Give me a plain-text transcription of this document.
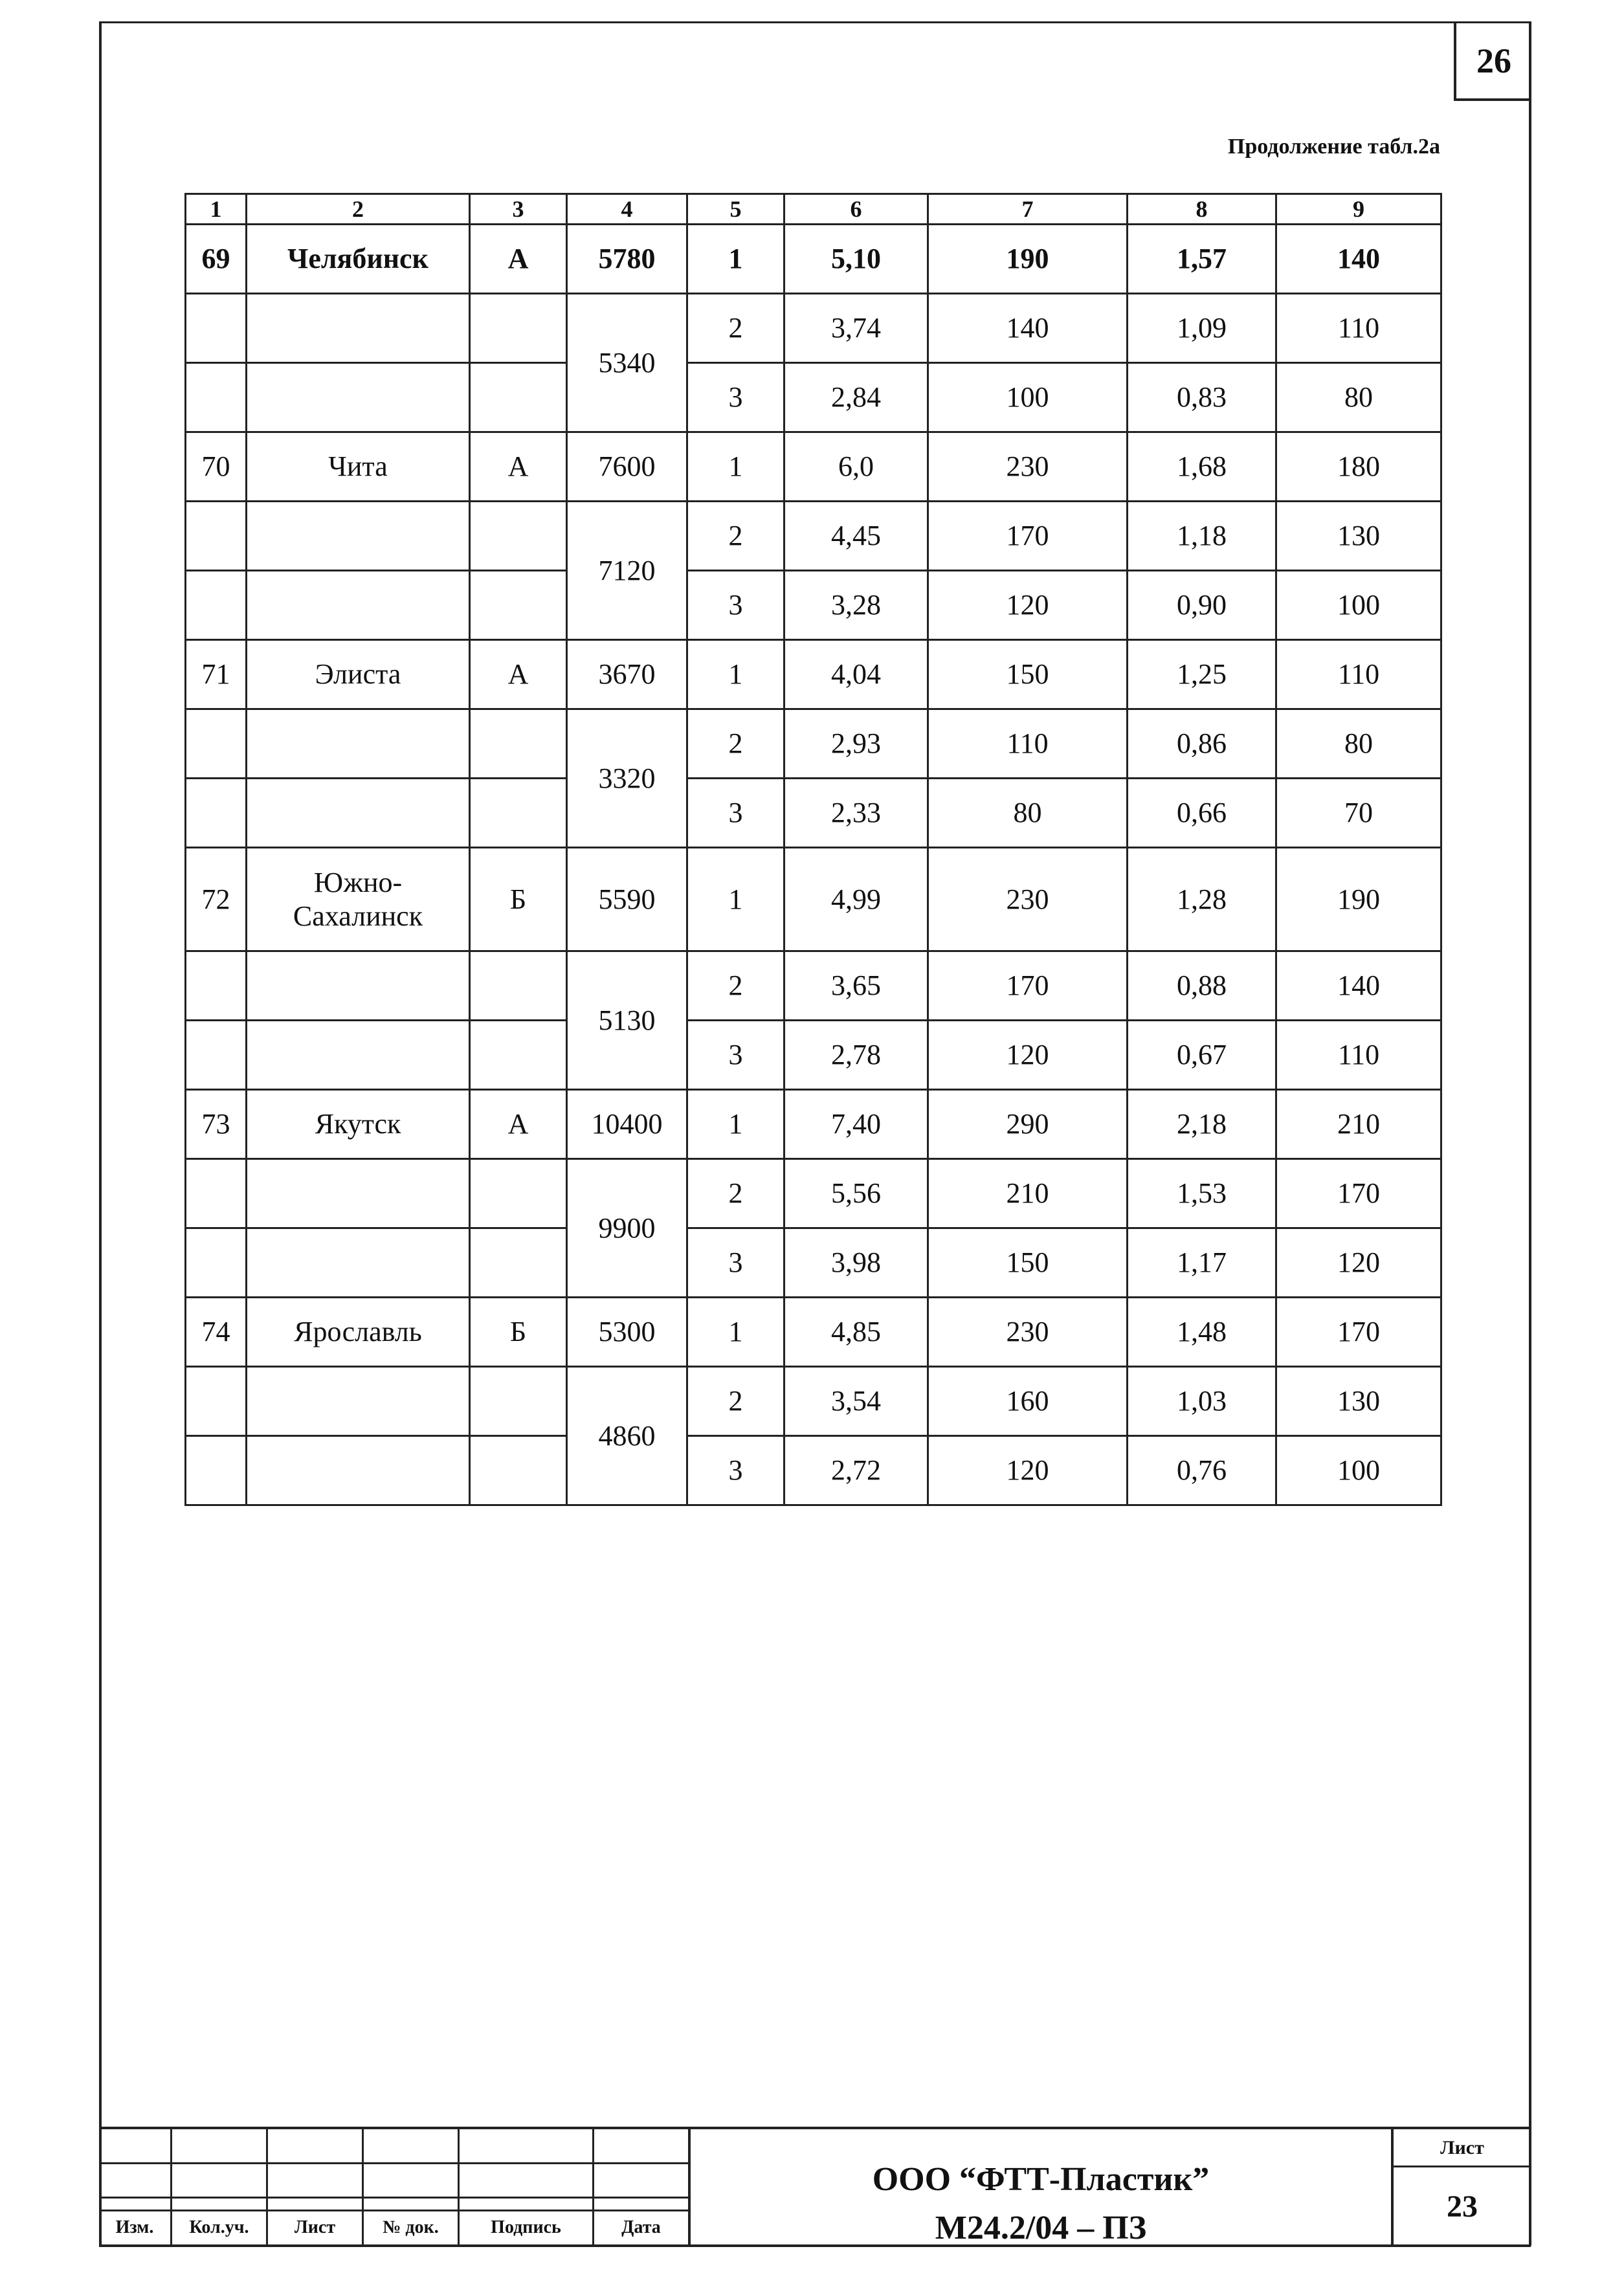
26
Продолжение табл.2а
1	2	3	4	5	6	7	8	9
69	Челябинск	А	5780	1	5,10	190	1,57	140
			5340	2	3,74	140	1,09	110
				3	2,84	100	0,83	80
70	Чита	А	7600	1	6,0	230	1,68	180
			7120	2	4,45	170	1,18	130
				3	3,28	120	0,90	100
71	Элиста	А	3670	1	4,04	150	1,25	110
			3320	2	2,93	110	0,86	80
				3	2,33	80	0,66	70
72	Южно-
Сахалинск	Б	5590	1	4,99	230	1,28	190
			5130	2	3,65	170	0,88	140
				3	2,78	120	0,67	110
73	Якутск	А	10400	1	7,40	290	2,18	210
			9900	2	5,56	210	1,53	170
				3	3,98	150	1,17	120
74	Ярославль	Б	5300	1	4,85	230	1,48	170
			4860	2	3,54	160	1,03	130
				3	2,72	120	0,76	100
Изм.	Кол.уч.	Лист	№ док.	Подпись	Дата
ООО “ФТТ-Пластик”
М24.2/04 – ПЗ
Лист
23
